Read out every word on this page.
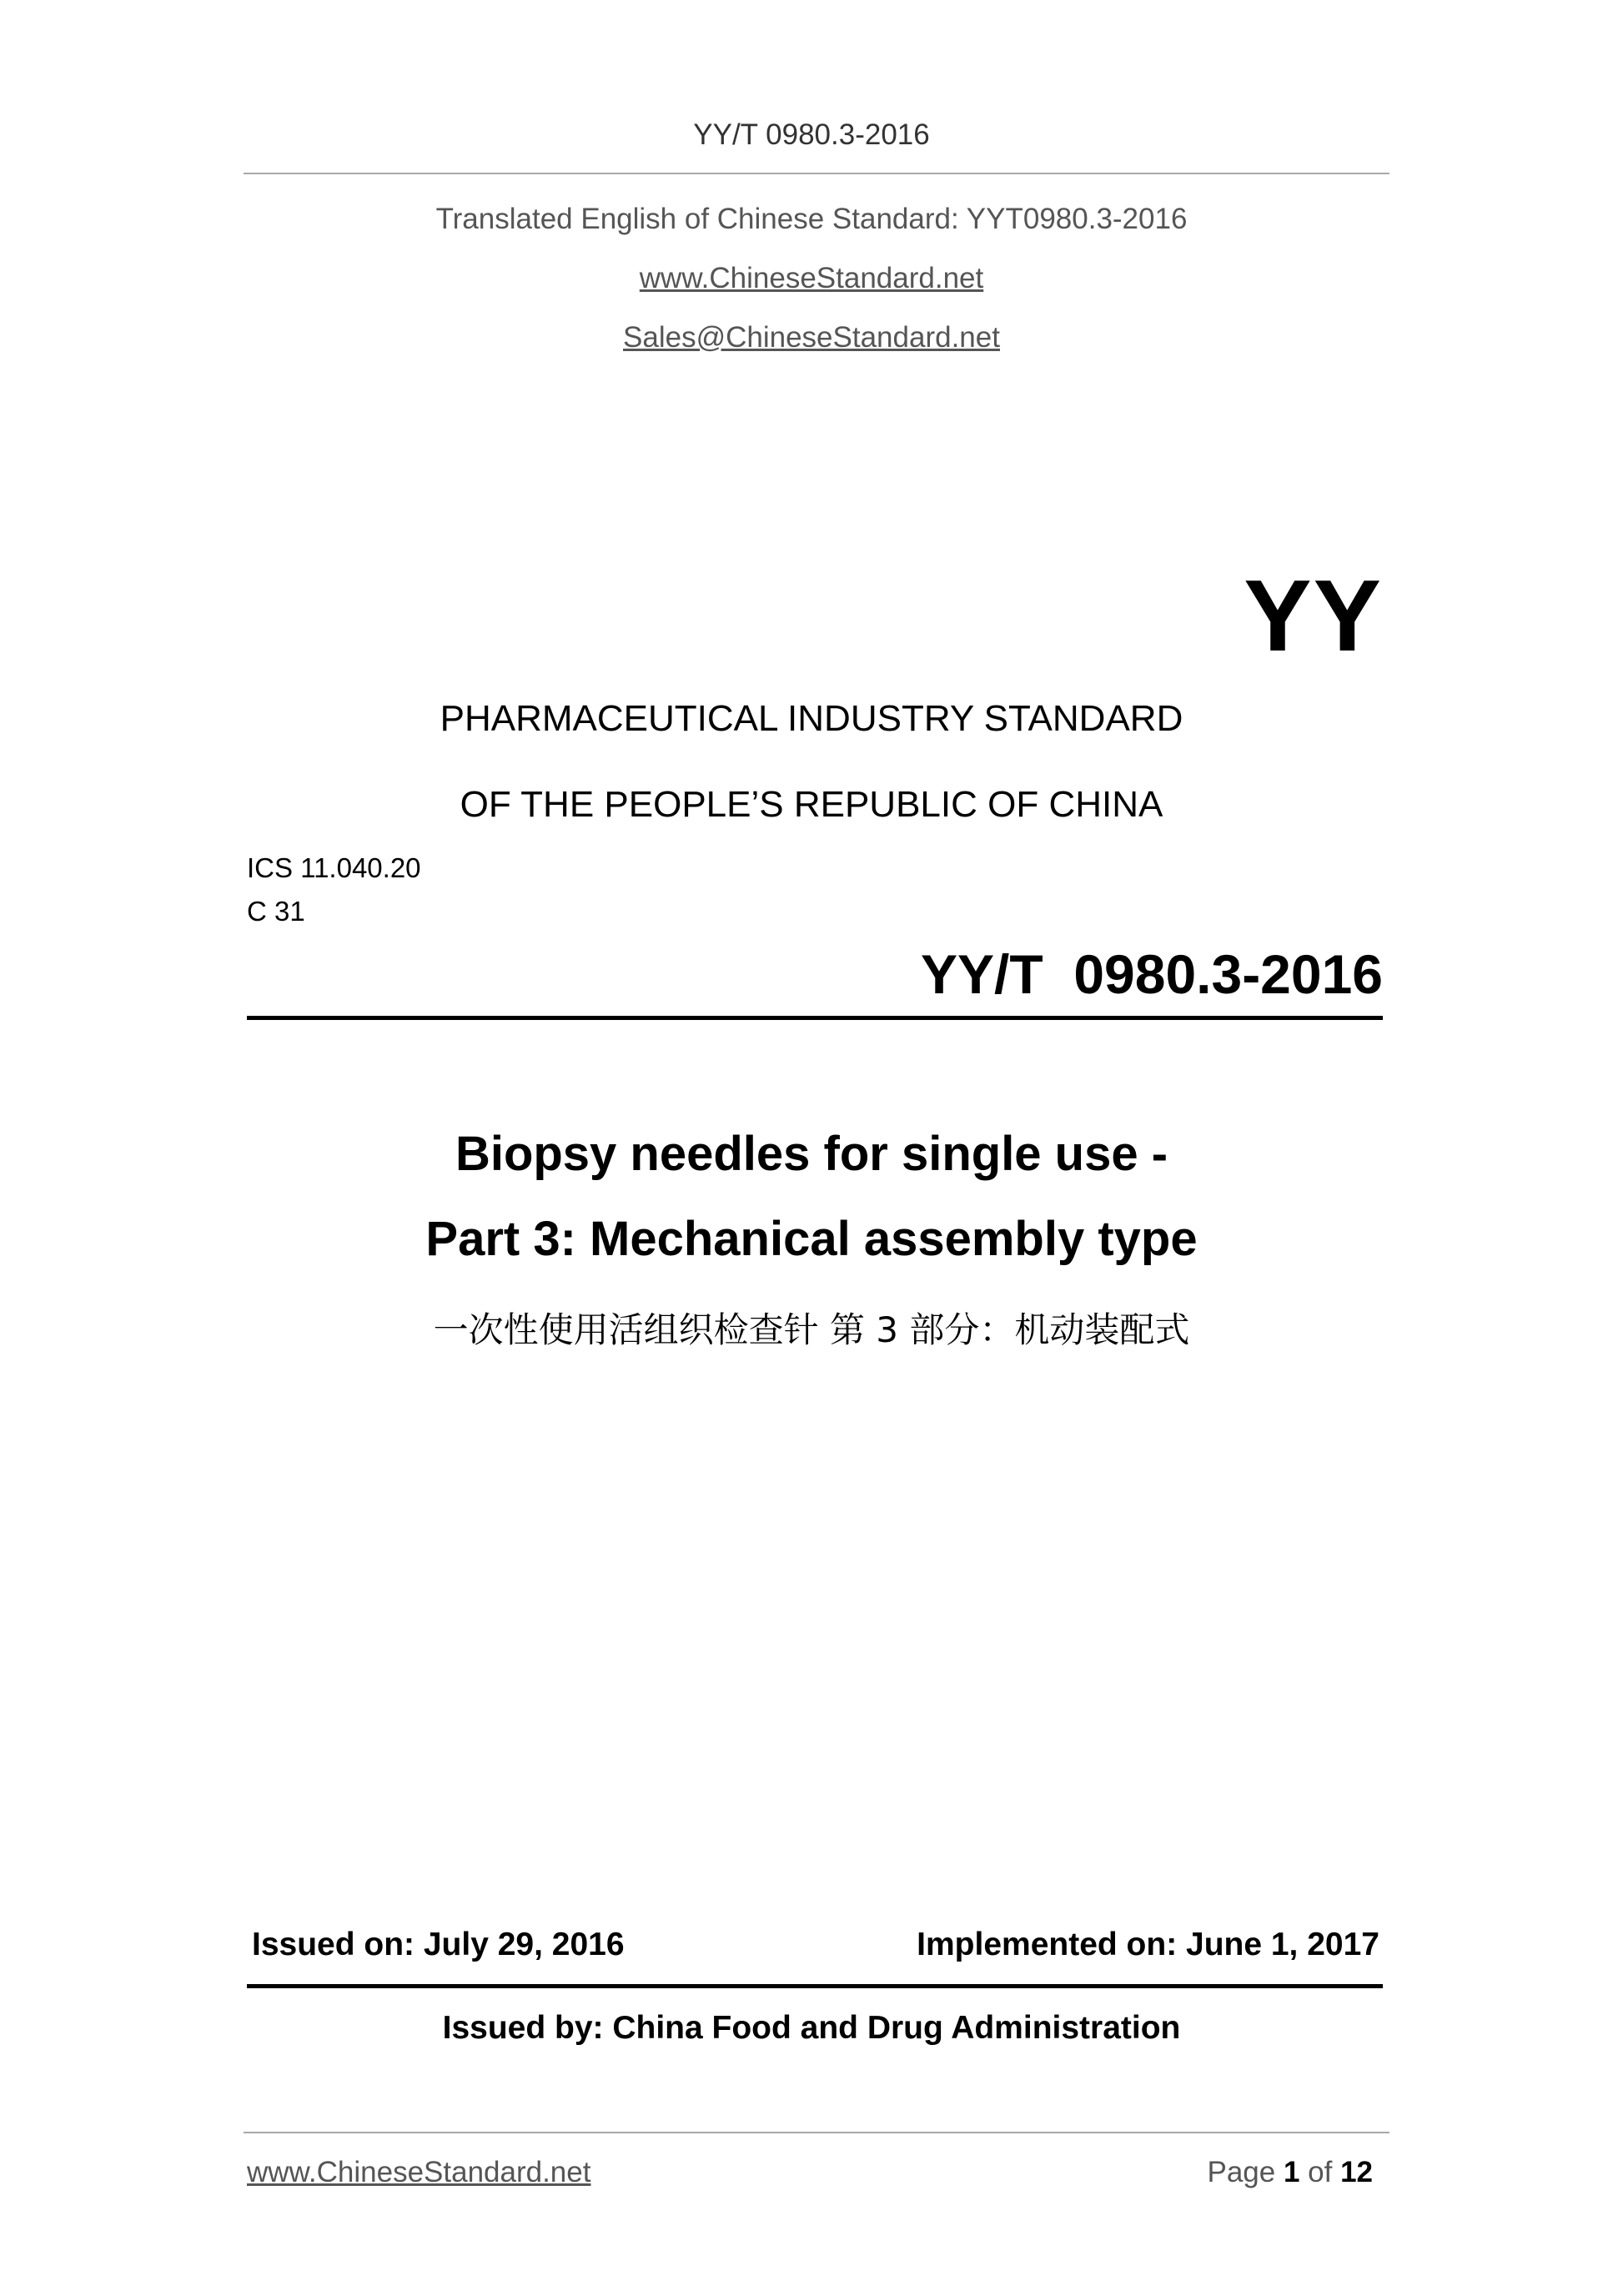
YY/T 0980.3-2016
Translated English of Chinese Standard: YYT0980.3-2016
www.ChineseStandard.net
Sales@ChineseStandard.net
YY
PHARMACEUTICAL INDUSTRY STANDARD
OF THE PEOPLE’S REPUBLIC OF CHINA
ICS 11.040.20
C 31
YY/T  0980.3-2016
Biopsy needles for single use -
Part 3: Mechanical assembly type
一次性使用活组织检查针 第 3 部分：机动装配式
Issued on: July 29, 2016	Implemented on: June 1, 2017
Issued by: China Food and Drug Administration
www.ChineseStandard.net	Page 1 of 12
